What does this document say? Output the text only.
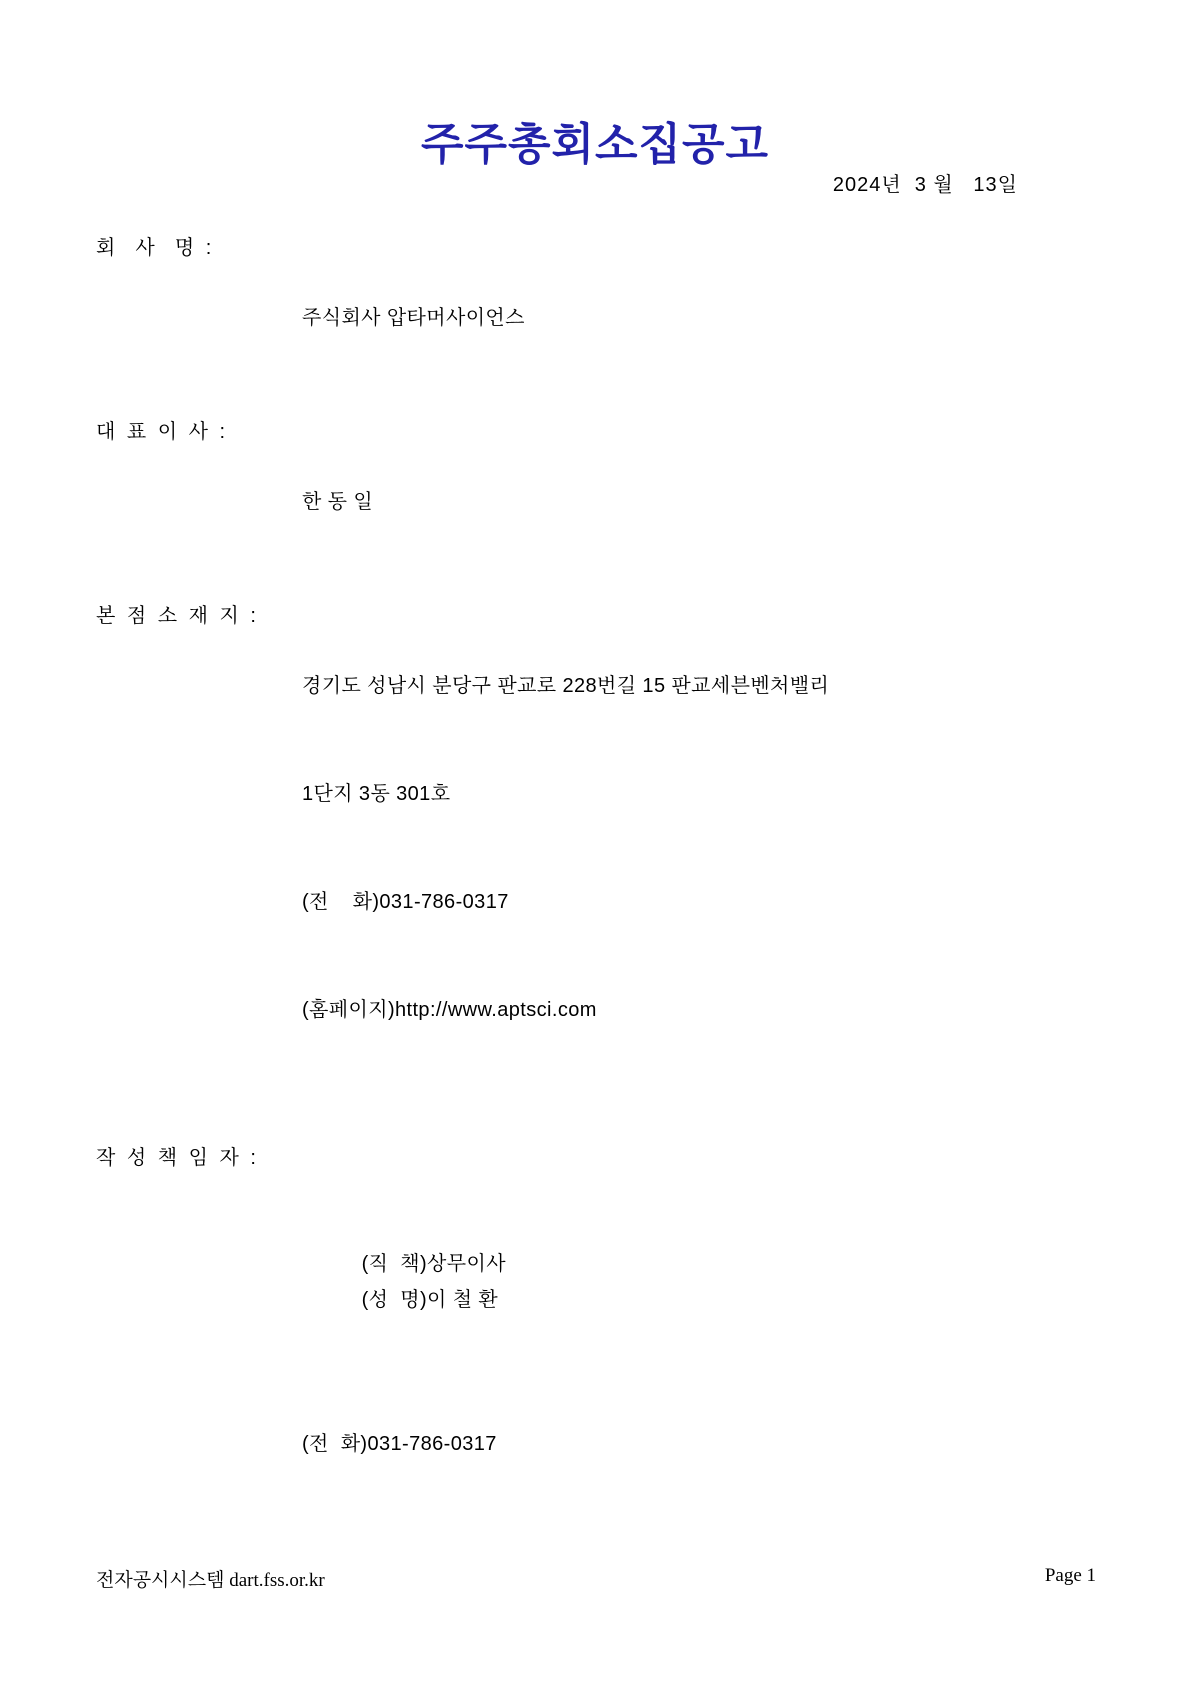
주주총회소집공고
2024년  3 월   13일
회  사  명 :

주식회사 압타머사이언스

대 표 이 사 :

한 동 일

본 점 소 재 지 :

경기도 성남시 분당구 판교로 228번길 15 판교세븐벤처밸리

1단지 3동 301호

(전    화)031-786-0317

(홈페이지)http://www.aptsci.com

작 성 책 임 자 :

(직  책)상무이사
(성  명)이 철 환

(전  화)031-786-0317

전자공시시스템 dart.fss.or.kr	Page 1
